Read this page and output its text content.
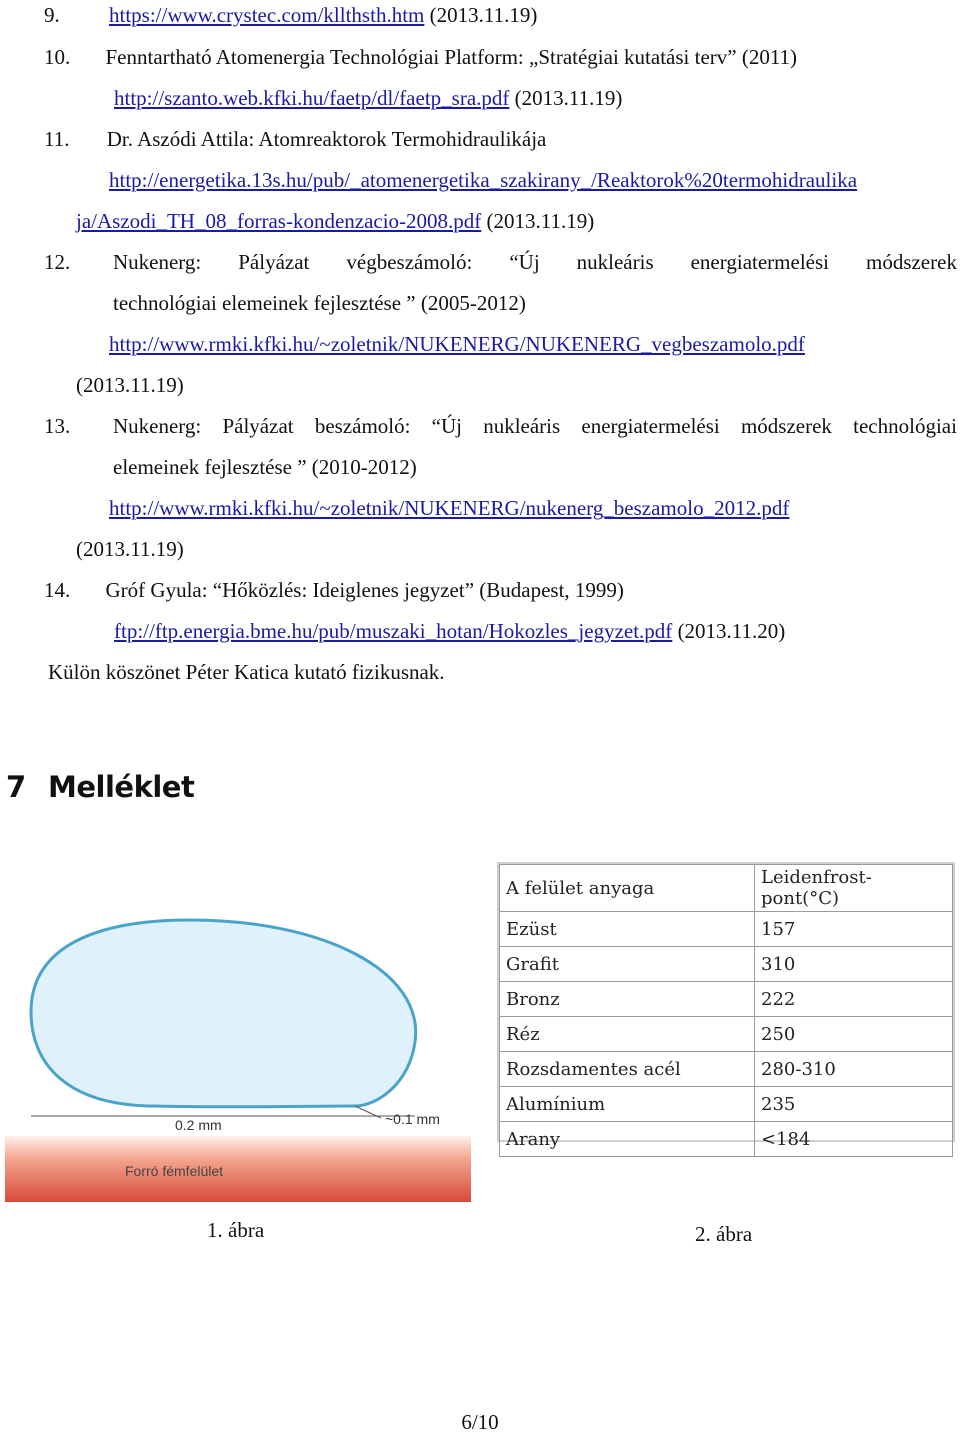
9. https://www.crystec.com/kllthsth.htm (2013.11.19)
10. Fenntartható Atomenergia Technológiai Platform: „Stratégiai kutatási terv” (2011)
http://szanto.web.kfki.hu/faetp/dl/faetp_sra.pdf (2013.11.19)
11. Dr. Aszódi Attila: Atomreaktorok Termohidraulikája
http://energetika.13s.hu/pub/_atomenergetika_szakirany_/Reaktorok%20termohidraulika
ja/Aszodi_TH_08_forras-kondenzacio-2008.pdf (2013.11.19)
12. Nukenerg: Pályázat végbeszámoló: “Új nukleáris energiatermelési módszerek
technológiai elemeinek fejlesztése ” (2005-2012)
http://www.rmki.kfki.hu/~zoletnik/NUKENERG/NUKENERG_vegbeszamolo.pdf
(2013.11.19)
13. Nukenerg: Pályázat beszámoló: “Új nukleáris energiatermelési módszerek technológiai
elemeinek fejlesztése ” (2010-2012)
http://www.rmki.kfki.hu/~zoletnik/NUKENERG/nukenerg_beszamolo_2012.pdf
(2013.11.19)
14. Gróf Gyula: “Hőközlés: Ideiglenes jegyzet” (Budapest, 1999)
ftp://ftp.energia.bme.hu/pub/muszaki_hotan/Hokozles_jegyzet.pdf (2013.11.20)
Külön köszönet Péter Katica kutató fizikusnak.
7 Melléklet
0.2 mm	~0.1 mm
Forró fémfelület
A felület anyaga	Leidenfrost-pont(°C)
Ezüst	157
Grafit	310
Bronz	222
Réz	250
Rozsdamentes acél	280-310
Alumínium	235
Arany	<184
1. ábra	2. ábra
6/10
